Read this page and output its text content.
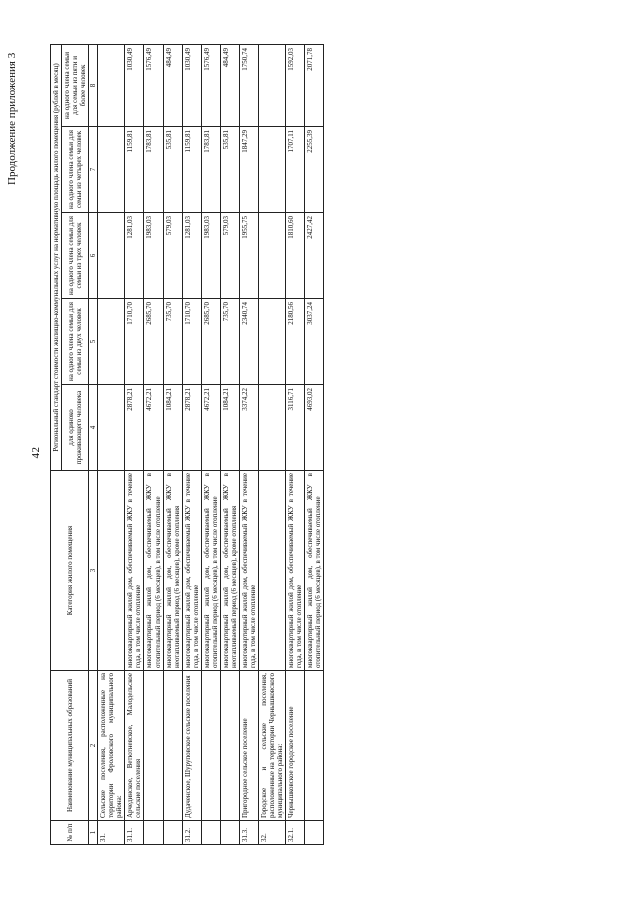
42
Продолжение приложения 3
№ п/п	Наименование муниципальных образований	Категория жилого помещения	Региональный стандарт стоимости жилищно-коммунальных услуг на нормативную площадь жилого помещения (рублей в месяц)				
			для одиноко проживающего человека	на одного члена семьи для семьи из двух человек	на одного члена семьи для семьи из трех человек	на одного члена семьи для семьи из четырех человек	на одного члена семьи для семьи из пяти и более человек
1	2	3	4	5	6	7	8
31.	Сельские поселения, расположенные на территории Фроловского муниципального района:						
31.1.	Арчединское, Ветютневское, Малодельское сельские поселения	многоквартирный жилой дом, обеспечиваемый ЖКУ в течение года, в том числе отопление	2878,21	1710,70	1281,03	1159,81	1030,49
		многоквартирный жилой дом, обеспечиваемый ЖКУ в отопительный период (6 месяцев), в том числе отопление	4672,21	2685,70	1983,03	1783,81	1576,49
		многоквартирный жилой дом, обеспечиваемый ЖКУ в неотапливаемый период (6 месяцев), кроме отопления	1084,21	735,70	579,03	535,81	484,49
31.2.	Дудаченское, Шуруповское сельские поселения	многоквартирный жилой дом, обеспечиваемый ЖКУ в течение года, в том числе отопление	2878,21	1710,70	1281,03	1159,81	1030,49
		многоквартирный жилой дом, обеспечиваемый ЖКУ в отопительный период (6 месяцев), в том числе отопление	4672,21	2685,70	1983,03	1783,81	1576,49
		многоквартирный жилой дом, обеспечиваемый ЖКУ в неотапливаемый период (6 месяцев), кроме отопления	1084,21	735,70	579,03	535,81	484,49
31.3.	Пригородное сельское поселение	многоквартирный жилой дом, обеспечиваемый ЖКУ в течение года, в том числе отопление	3374,22	2340,74	1955,75	1847,29	1750,74
32.	Городское и сельские поселения, расположенные на территории Чернышковского муниципального района:						
32.1.	Чернышковское городское поселение	многоквартирный жилой дом, обеспечиваемый ЖКУ в течение года, в том числе отопление	3116,71	2180,56	1810,60	1707,11	1592,03
		многоквартирный жилой дом, обеспечиваемый ЖКУ в отопительный период (6 месяцев), в том числе отопление	4693,02	3037,24	2427,42	2255,39	2071,78
